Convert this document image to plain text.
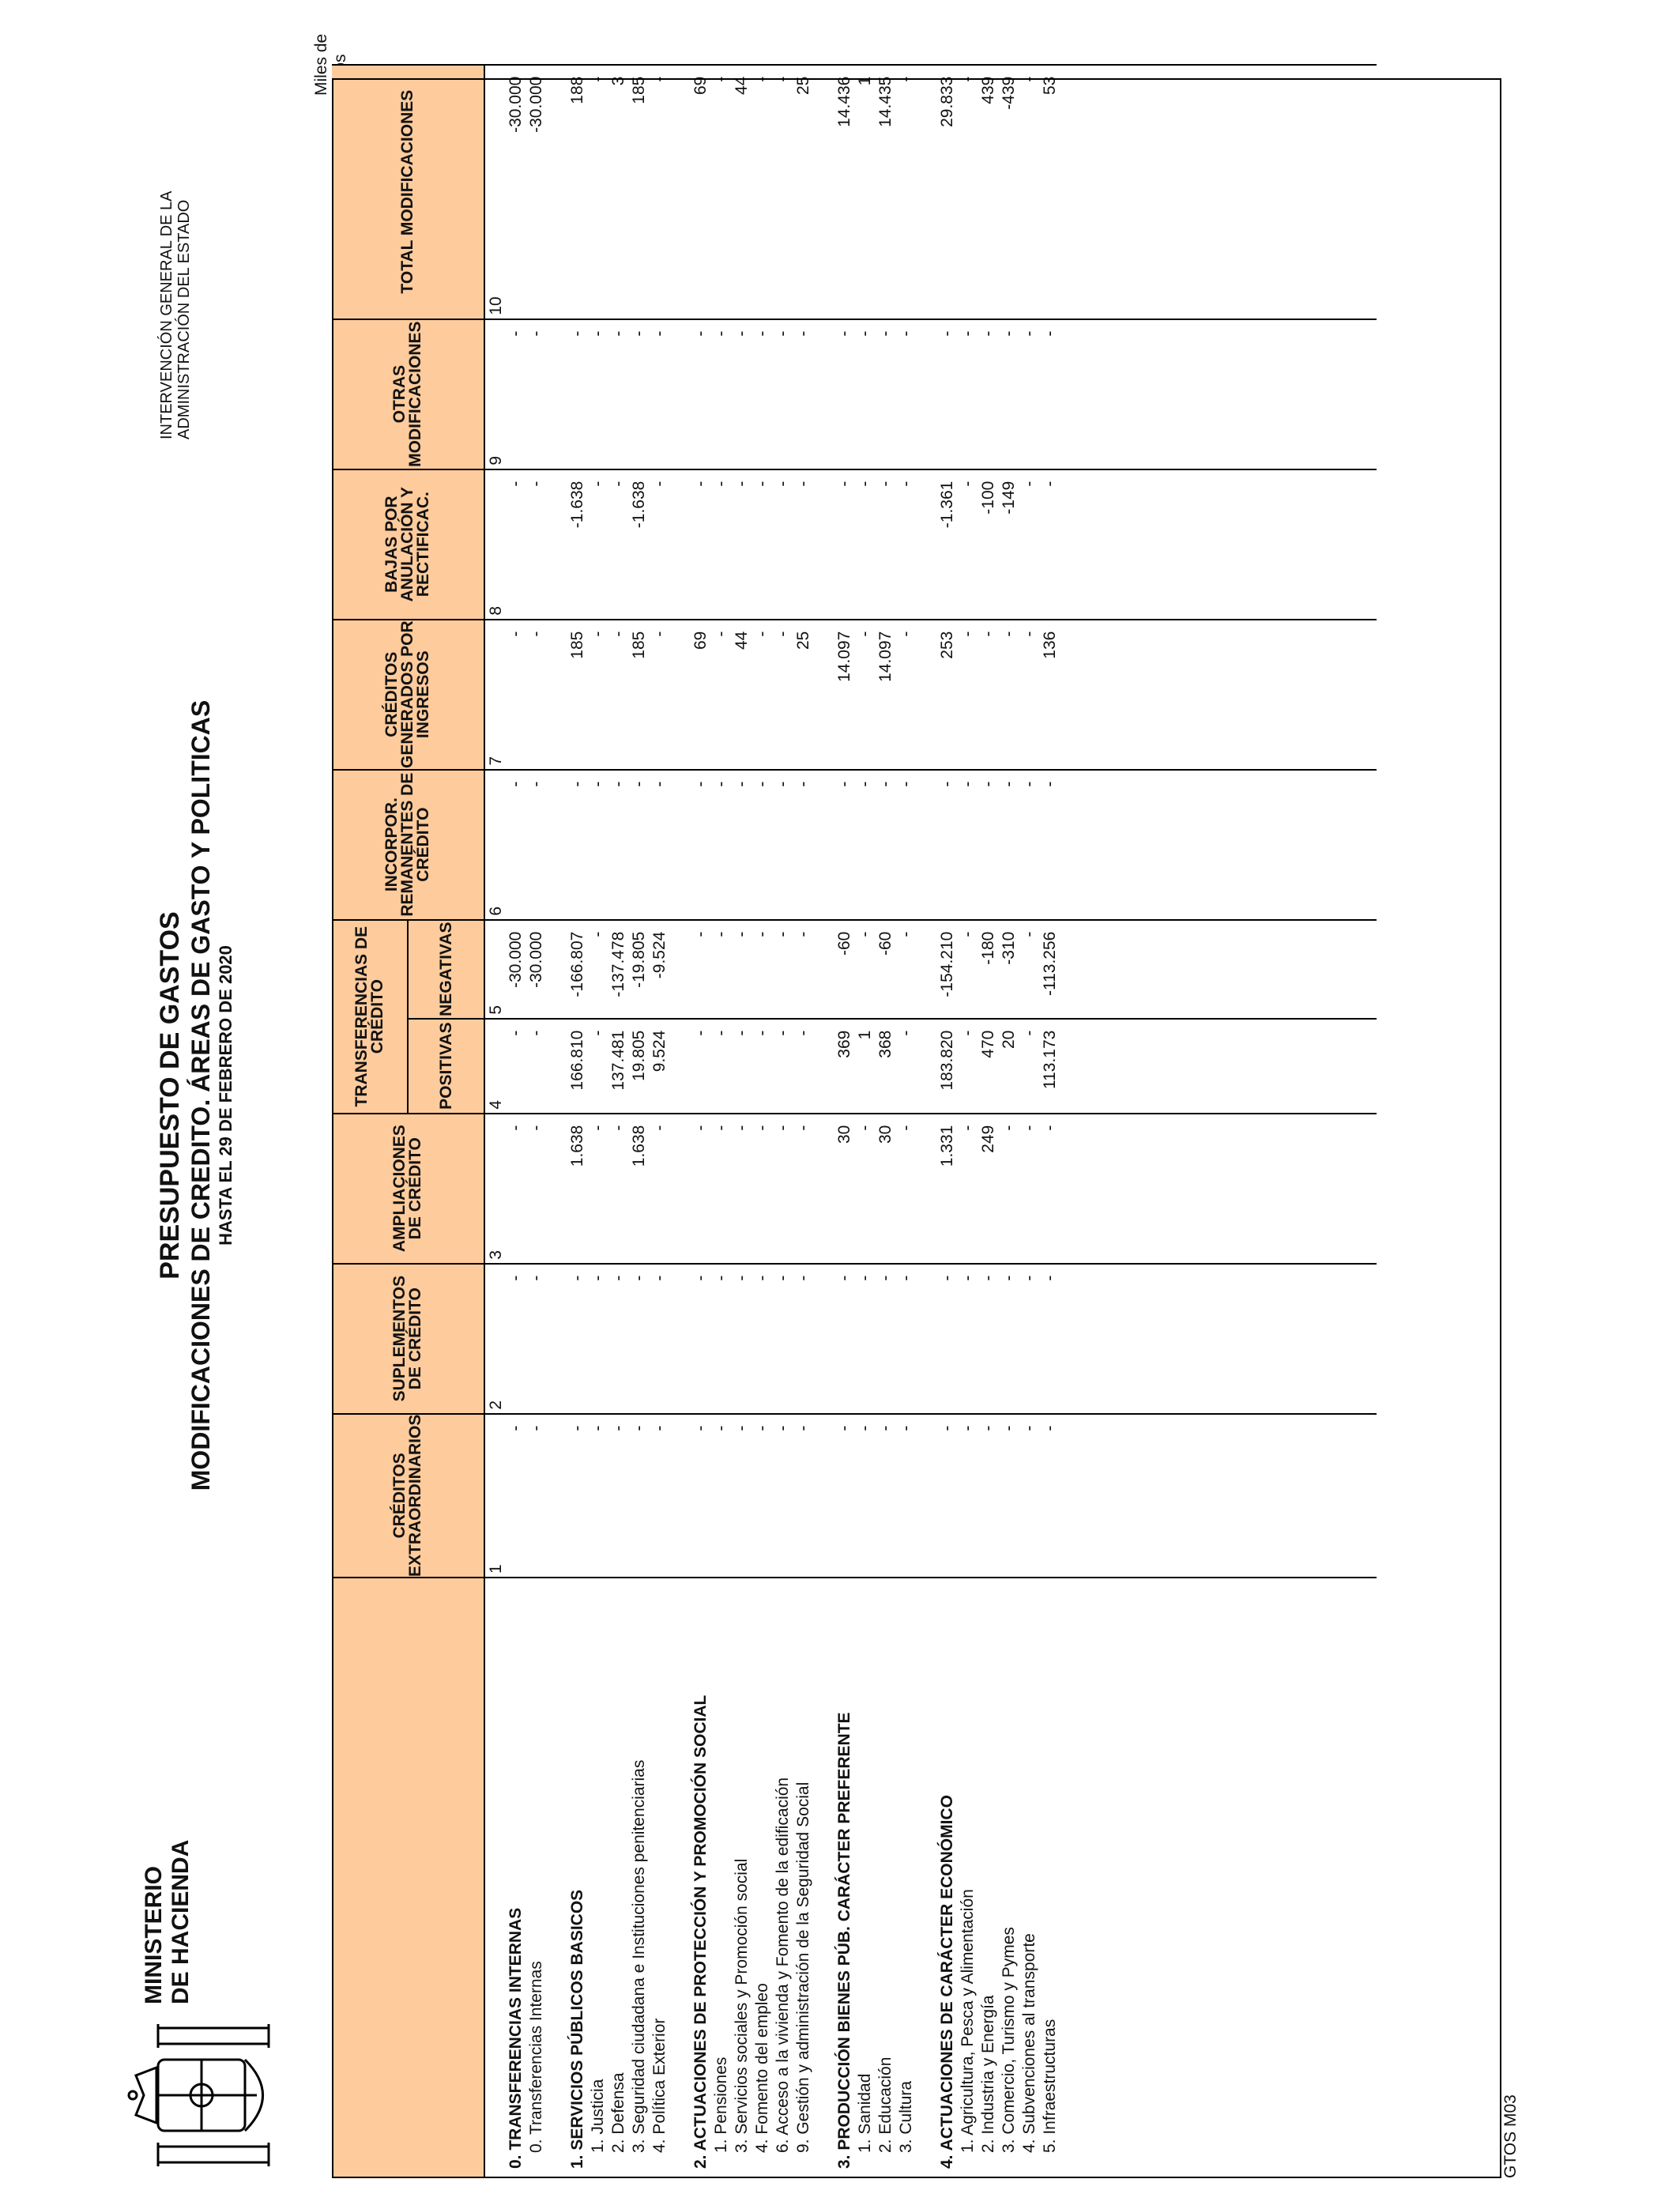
MINISTERIO DE HACIENDA
PRESUPUESTO DE GASTOS MODIFICACIONES DE CREDITO. ÁREAS DE GASTO Y POLITICAS HASTA EL 29 DE FEBRERO DE 2020
INTERVENCIÓN GENERAL DE LA ADMINISTRACIÓN DEL ESTADO
Miles de
	CRÉDITOS EXTRAORDINARIOS	SUPLEMENTOS DE CRÉDITO	AMPLIACIONES DE CRÉDITO	TRANSFERENCIAS DE CRÉDITO		INCORPOR. REMANENTES DE CRÉDITO	CRÉDITOS GENERADOS POR INGRESOS	BAJAS POR ANULACIÓN Y RECTIFICAC.	OTRAS MODIFICACIONES	TOTAL MODIFICACIONES
				POSITIVAS	NEGATIVAS					
	1	2	3	4	5	6	7	8	9	10
0. TRANSFERENCIAS INTERNAS	-	-	-	-	-30.000	-	-	-	-	-30.000
0. Transferencias Internas	-	-	-	-	-30.000	-	-	-	-	-30.000

1. SERVICIOS PÚBLICOS BASICOS	-	-	1.638	166.810	-166.807	-	185	-1.638	-	188
1. Justicia	-	-	-	-	-	-	-	-	-	-
2. Defensa	-	-	-	137.481	-137.478	-	-	-	-	3
3. Seguridad ciudadana e Instituciones penitenciarias	-	-	1.638	19.805	-19.805	-	185	-1.638	-	185
4. Política Exterior	-	-	-	9.524	-9.524	-	-	-	-	-

2. ACTUACIONES DE PROTECCIÓN Y PROMOCIÓN SOCIAL	-	-	-	-	-	-	69	-	-	69
1. Pensiones	-	-	-	-	-	-	-	-	-	-
3. Servicios sociales y Promoción social	-	-	-	-	-	-	44	-	-	44
4. Fomento del empleo	-	-	-	-	-	-	-	-	-	-
6. Acceso a la vivienda y Fomento de la edificación	-	-	-	-	-	-	-	-	-	-
9. Gestión y administración de la Seguridad Social	-	-	-	-	-	-	25	-	-	25

3. PRODUCCIÓN BIENES PÚB. CARÁCTER PREFERENTE	-	-	30	369	-60	-	14.097	-	-	14.436
1. Sanidad	-	-	-	1	-	-	-	-	-	1
2. Educación	-	-	30	368	-60	-	14.097	-	-	14.435
3. Cultura	-	-	-	-	-	-	-	-	-	-

4. ACTUACIONES DE CARÁCTER ECONÓMICO	-	-	1.331	183.820	-154.210	-	253	-1.361	-	29.833
1. Agricultura, Pesca y Alimentación	-	-	-	-	-	-	-	-	-	-
2. Industria y Energía	-	-	249	470	-180	-	-	-100	-	439
3. Comercio, Turismo y Pymes	-	-	-	20	-310	-	-	-149	-	-439
4. Subvenciones al transporte	-	-	-	-	-	-	-	-	-	-
5. Infraestructuras	-	-	-	113.173	-113.256	-	136	-	-	53

GTOS M03
